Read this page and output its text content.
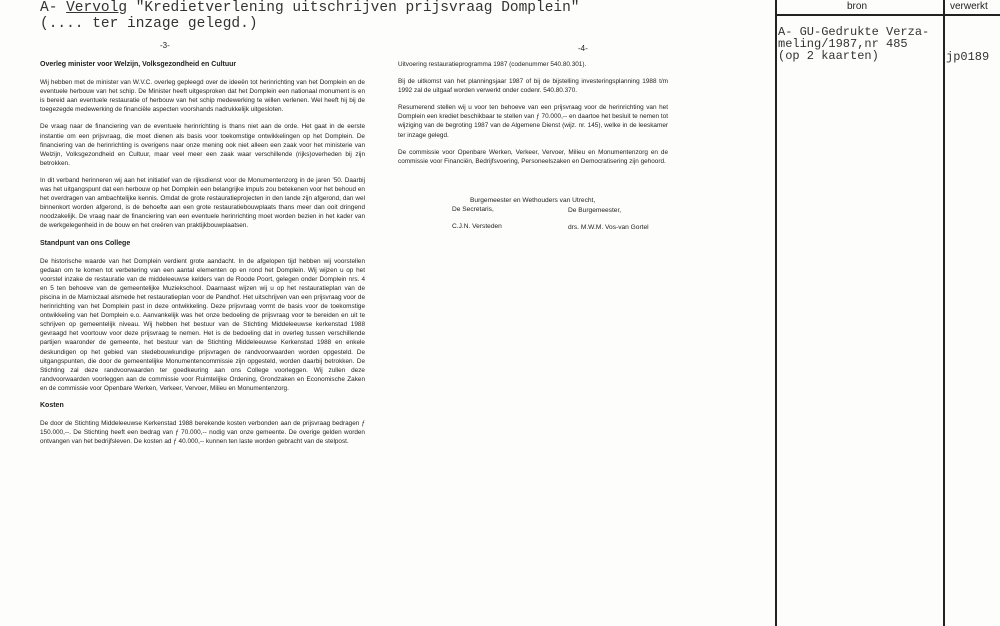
A- Vervolg "Kredietverlening uitschrijven prijsvraag Domplein"
(.... ter inzage gelegd.)
-3-
Overleg minister voor Welzijn, Volksgezondheid en Cultuur

Wij hebben met de minister van W.V.C. overleg gepleegd over de ideeën tot herinrichting van het Domplein en de eventuele herbouw van het schip. De Minister heeft uitgesproken dat het Domplein een nationaal monument is en is bereid aan eventuele restauratie of herbouw van het schip medewerking te willen verlenen. Wel heeft hij bij de toegezegde medewerking de financiële aspecten voorshands nadrukkelijk uitgesloten.

De vraag naar de financiering van de eventuele herinrichting is thans niet aan de orde. Het gaat in de eerste instantie om een prijsvraag, die moet dienen als basis voor toekomstige ontwikkelingen op het Domplein. De financiering van de herinrichting is overigens naar onze mening ook niet alleen een zaak voor het ministerie van Welzijn, Volksgezondheid en Cultuur, maar veel meer een zaak waar verschillende (rijks)overheden bij zijn betrokken.

In dit verband herinneren wij aan het initiatief van de rijksdienst voor de Monumentenzorg in de jaren '50. Daarbij was het uitgangspunt dat een herbouw op het Domplein een belangrijke impuls zou betekenen voor het behoud en het overdragen van ambachtelijke kennis. Omdat de grote restauratieprojecten in den lande zijn afgerond, dan wel binnenkort worden afgerond, is de behoefte aan een grote restauratiebouwplaats thans meer dan ooit dringend noodzakelijk. De vraag naar de financiering van een eventuele herinrichting moet worden bezien in het kader van de werkgelegenheid in de bouw en het creëren van praktijkbouwplaatsen.

Standpunt van ons College

De historische waarde van het Domplein verdient grote aandacht. In de afgelopen tijd hebben wij voorstellen gedaan om te komen tot verbetering van een aantal elementen op en rond het Domplein. Wij wijzen u op het voorstel inzake de restauratie van de middeleeuwse kelders van de Roode Poort, gelegen onder Domplein nrs. 4 en 5 ten behoeve van de gemeentelijke Muziekschool. Daarnaast wijzen wij u op het restauratieplan van de piscina in de Marnixzaal alsmede het restauratieplan voor de Pandhof. Het uitschrijven van een prijsvraag voor de herinrichting van het Domplein past in deze ontwikkeling. Deze prijsvraag vormt de basis voor de toekomstige ontwikkeling van het Domplein e.o. Aanvankelijk was het onze bedoeling de prijsvraag voor te bereiden en uit te schrijven op gemeentelijk niveau. Wij hebben het bestuur van de Stichting Middeleeuwse kerkenstad 1988 gevraagd het voortouw voor deze prijsvraag te nemen. Het is de bedoeling dat in overleg tussen verschillende partijen waaronder de gemeente, het bestuur van de Stichting Middeleeuwse Kerkenstad 1988 en enkele deskundigen op het gebied van stedebouwkundige prijsvragen de randvoorwaarden worden opgesteld. De uitgangspunten, die door de gemeentelijke Monumentencommissie zijn opgesteld, worden daarbij betrokken. De Stichting zal deze randvoorwaarden ter goedkeuring aan ons College voorleggen. Wij zullen deze randvoorwaarden voorleggen aan de commissie voor Ruimtelijke Ordening, Grondzaken en Economische Zaken en de commissie voor Openbare Werken, Verkeer, Vervoer, Milieu en Monumentenzorg.

Kosten

De door de Stichting Middeleeuwse Kerkenstad 1988 berekende kosten verbonden aan de prijsvraag bedragen ƒ 150.000,--. De Stichting heeft een bedrag van ƒ 70.000,-- nodig van onze gemeente. De overige gelden worden ontvangen van het bedrijfsleven. De kosten ad ƒ 40.000,-- kunnen ten laste worden gebracht van de stelpost.

-4-

Uitvoering restauratieprogramma 1987 (codenummer 540.80.301).

Bij de uitkomst van het planningsjaar 1987 of bij de bijstelling investeringsplanning 1988 t/m 1992 zal de uitgaaf worden verwerkt onder codenr. 540.80.370.

Resumerend stellen wij u voor ten behoeve van een prijsvraag voor de herinrichting van het Domplein een krediet beschikbaar te stellen van ƒ 70.000,-- en daartoe het besluit te nemen tot wijziging van de begroting 1987 van de Algemene Dienst (wijz. nr. 145), welke in de leeskamer ter inzage gelegd.

De commissie voor Openbare Werken, Verkeer, Vervoer, Milieu en Monumentenzorg en de commissie voor Financiën, Bedrijfsvoering, Personeelszaken en Democratisering zijn gehoord.

Burgemeester en Wethouders van Utrecht,
De Secretaris,	De Burgemeester,
C.J.N. Versteden	drs. M.W.M. Vos-van Gortel
bron	verwerkt
A- GU-Gedrukte Verza-
meling/1987,nr 485
(op 2 kaarten)	jp0189
